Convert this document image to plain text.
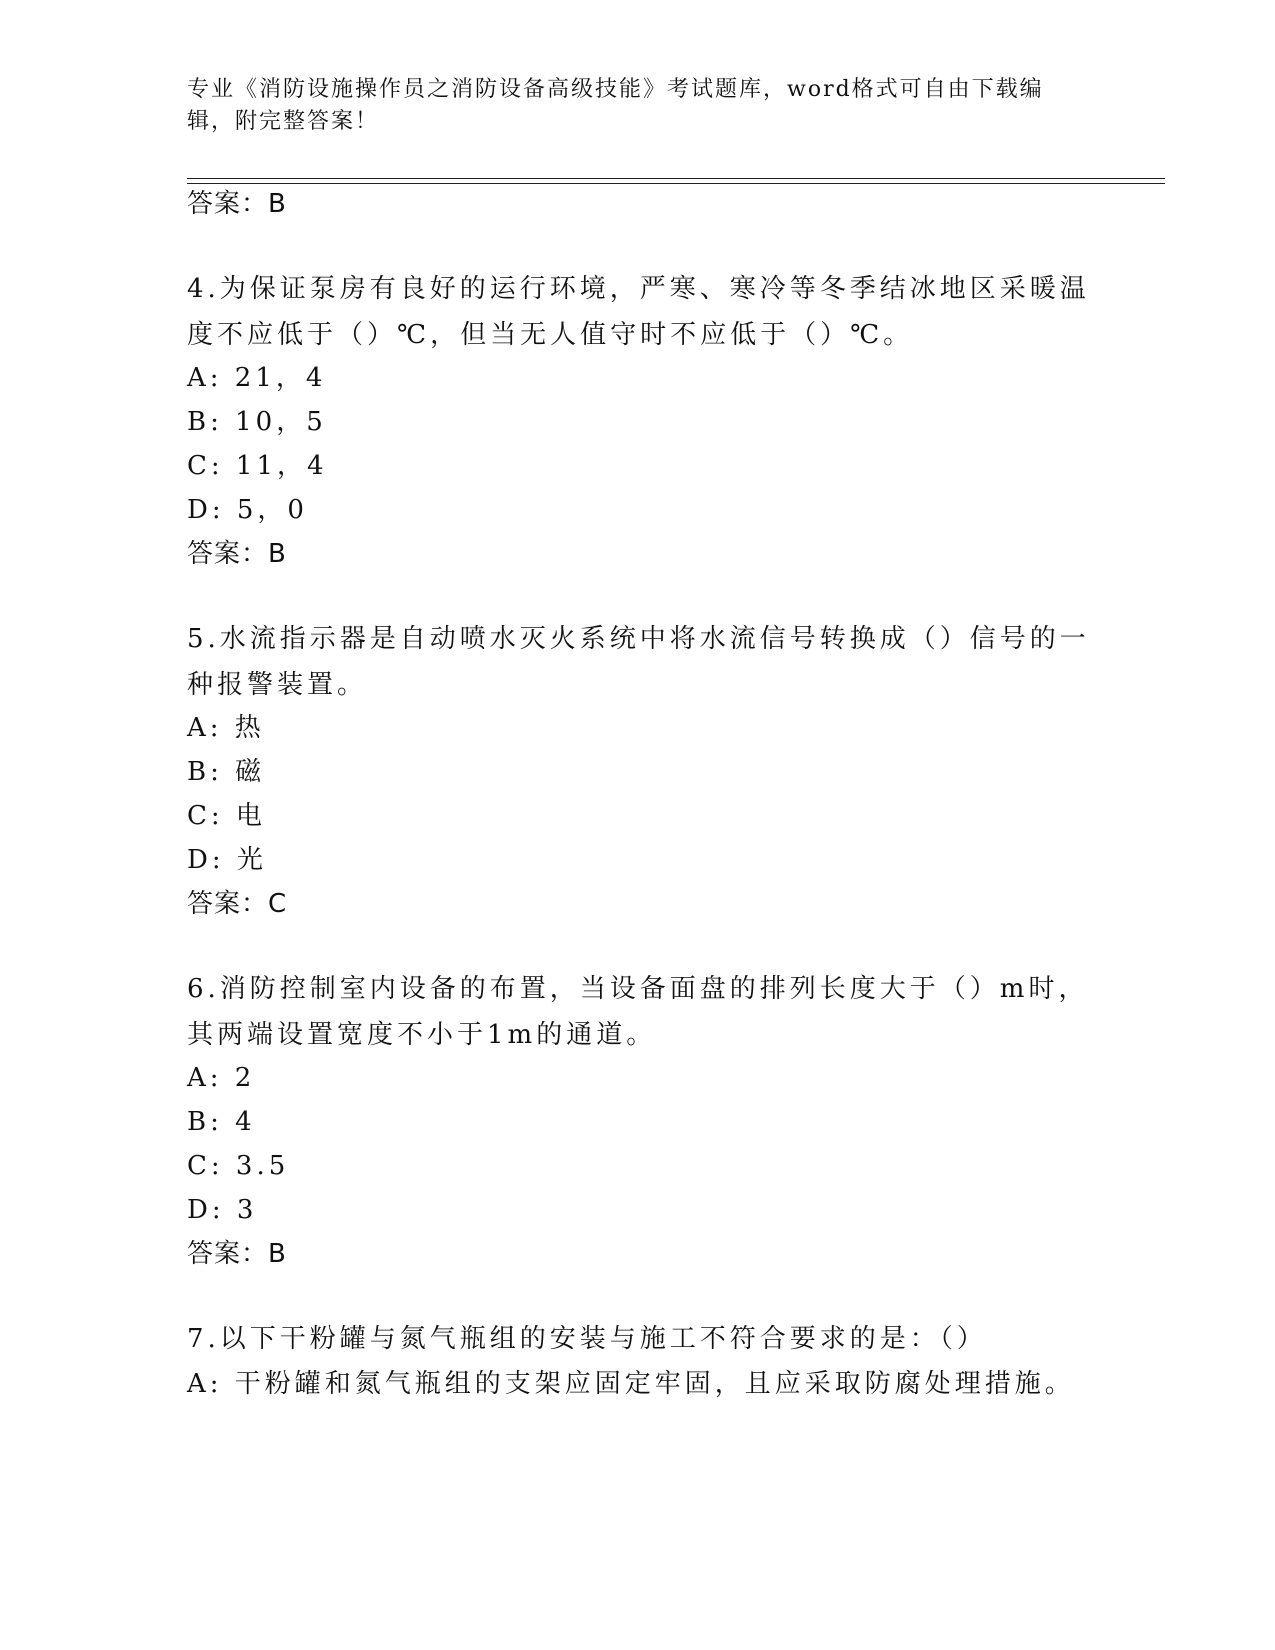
专业《消防设施操作员之消防设备高级技能》考试题库，word格式可自由下载编辑，附完整答案！
答案：B
4.为保证泵房有良好的运行环境，严寒、寒冷等冬季结冰地区采暖温度不应低于（）℃，但当无人值守时不应低于（）℃。
A: 21，4
B: 10，5
C: 11，4
D: 5，0
答案：B
5.水流指示器是自动喷水灭火系统中将水流信号转换成（）信号的一种报警装置。
A: 热
B: 磁
C: 电
D: 光
答案：C
6.消防控制室内设备的布置，当设备面盘的排列长度大于（）m时，其两端设置宽度不小于1m的通道。
A: 2
B: 4
C: 3.5
D: 3
答案：B
7.以下干粉罐与氮气瓶组的安装与施工不符合要求的是：（）
A: 干粉罐和氮气瓶组的支架应固定牢固，且应采取防腐处理措施。
